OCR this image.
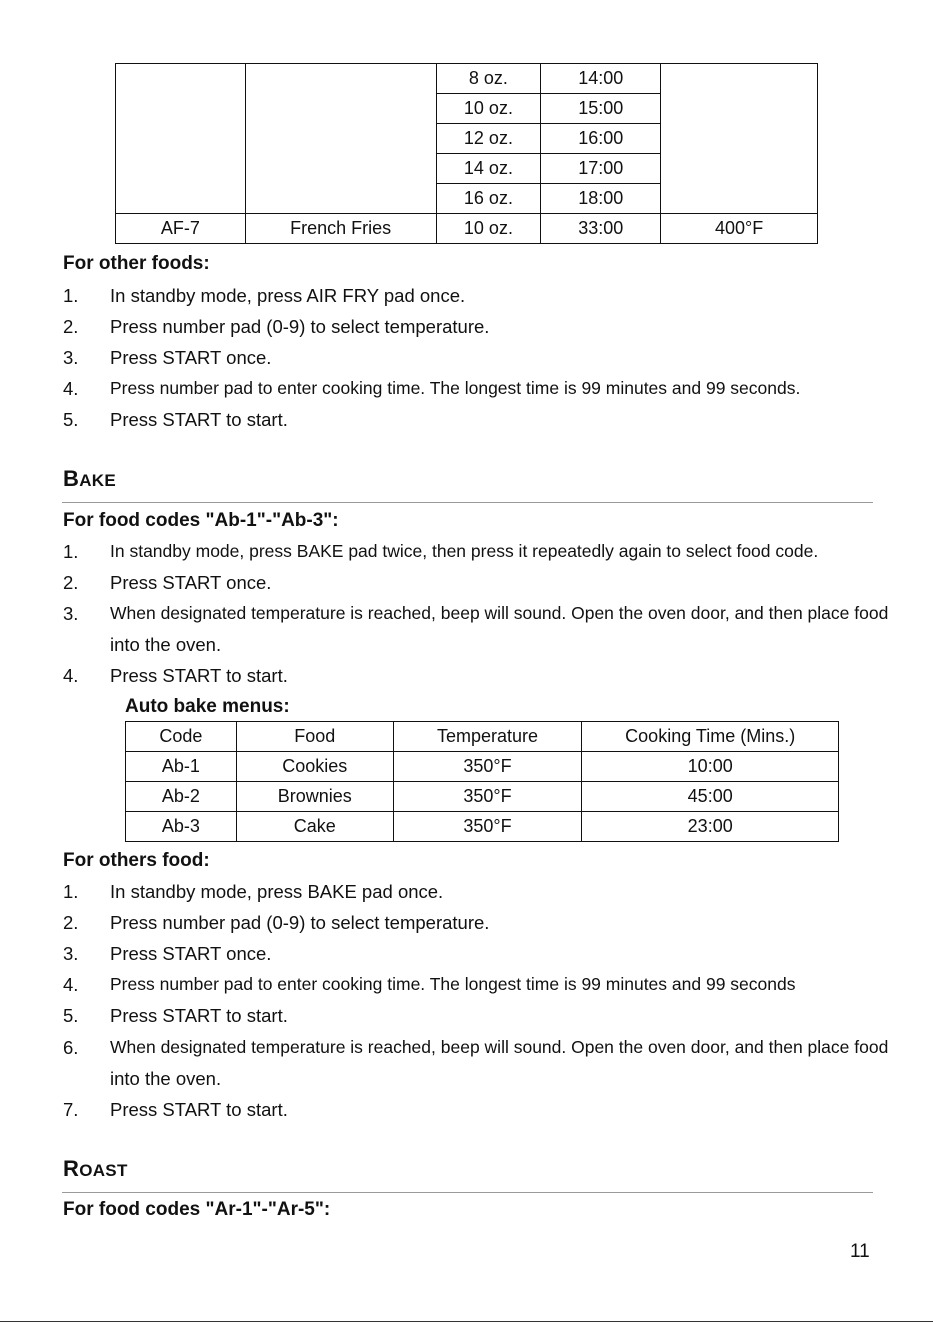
		8 oz.	14:00	
		10 oz.	15:00	
		12 oz.	16:00	
		14 oz.	17:00	
		16 oz.	18:00	
AF-7	French Fries	10 oz.	33:00	400°F
For other foods:
1. In standby mode, press AIR FRY pad once.
2. Press number pad (0-9) to select temperature.
3. Press START once.
4. Press number pad to enter cooking time. The longest time is 99 minutes and 99 seconds.
5. Press START to start.
BAKE
For food codes "Ab-1"-"Ab-3":
1. In standby mode, press BAKE pad twice, then press it repeatedly again to select food code.
2. Press START once.
3. When designated temperature is reached, beep will sound. Open the oven door, and then place food
into the oven.
4. Press START to start.
Auto bake menus:
Code	Food	Temperature	Cooking Time (Mins.)
Ab-1	Cookies	350°F	10:00
Ab-2	Brownies	350°F	45:00
Ab-3	Cake	350°F	23:00
For others food:
1. In standby mode, press BAKE pad once.
2. Press number pad (0-9) to select temperature.
3. Press START once.
4. Press number pad to enter cooking time. The longest time is 99 minutes and 99 seconds
5. Press START to start.
6. When designated temperature is reached, beep will sound. Open the oven door, and then place food
into the oven.
7. Press START to start.
ROAST
For food codes "Ar-1"-"Ar-5":
11
